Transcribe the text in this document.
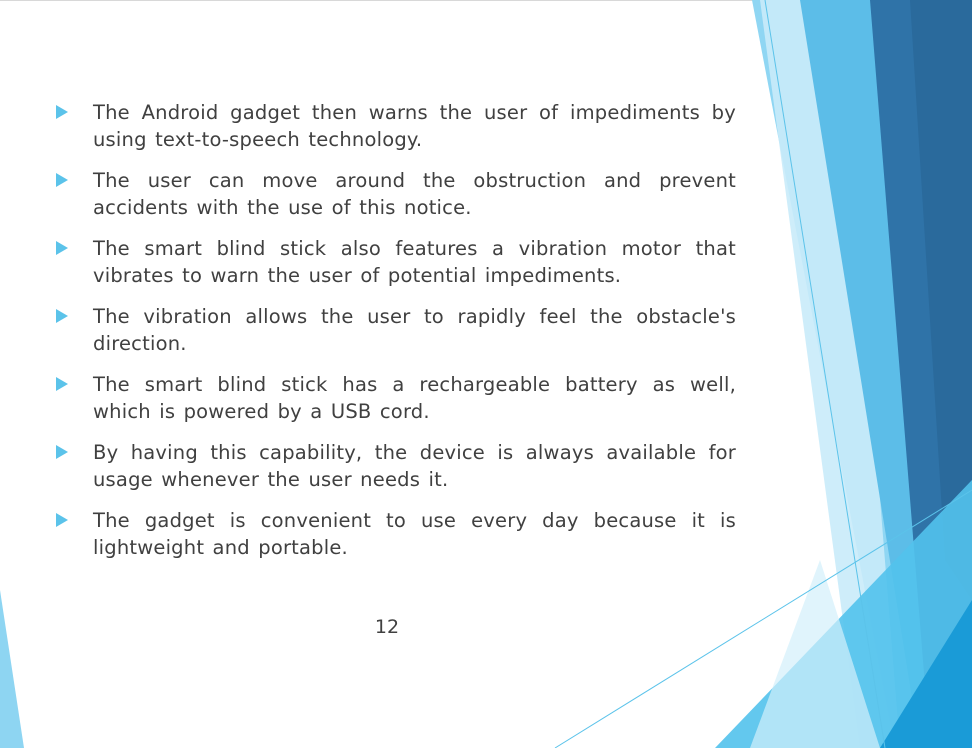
The Android gadget then warns the user of impediments by using text-to-speech technology.
The user can move around the obstruction and prevent accidents with the use of this notice.
The smart blind stick also features a vibration motor that vibrates to warn the user of potential impediments.
The vibration allows the user to rapidly feel the obstacle's direction.
The smart blind stick has a rechargeable battery as well, which is powered by a USB cord.
By having this capability, the device is always available for usage whenever the user needs it.
The gadget is convenient to use every day because it is lightweight and portable.
12
